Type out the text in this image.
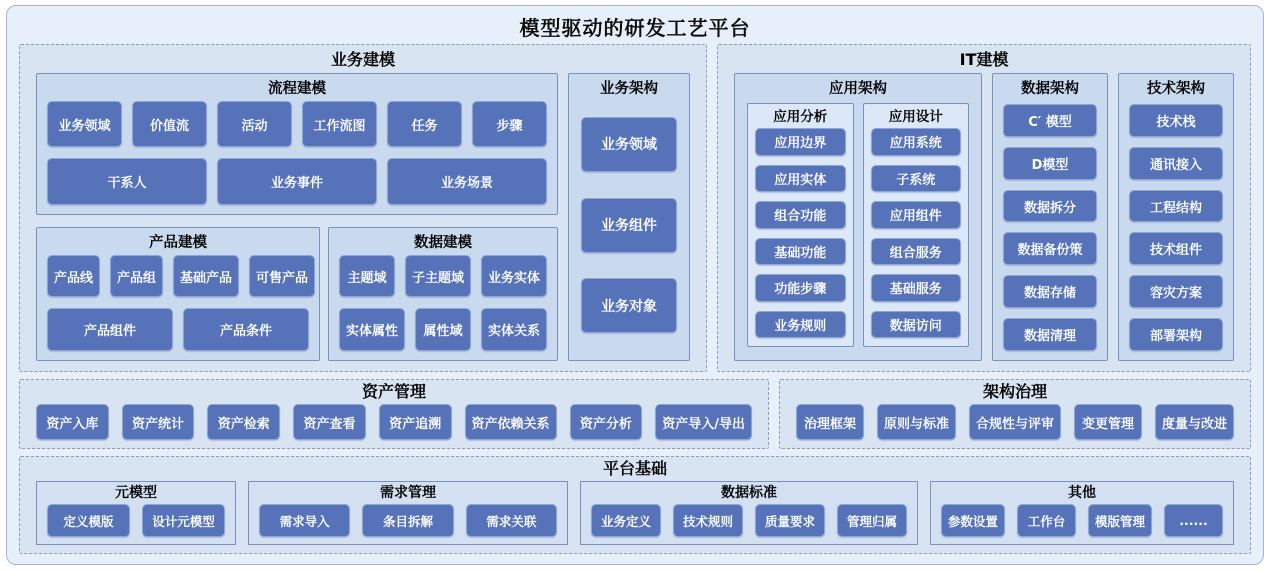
模型驱动的研发工艺平台
业务建模
流程建模
业务领域	价值流	活动	工作流图	任务	步骤
干系人	业务事件	业务场景
产品建模
产品线	产品组	基础产品	可售产品
产品组件	产品条件
数据建模
主题域	子主题域	业务实体
实体属性	属性域	实体关系
业务架构
业务领域
业务组件
业务对象
IT建模
应用架构
应用分析
应用边界
应用实体
组合功能
基础功能
功能步骤
业务规则
应用设计
应用系统
子系统
应用组件
组合服务
基础服务
数据访问
数据架构
C′ 模型
D模型
数据拆分
数据备份策
数据存储
数据清理
技术架构
技术栈
通讯接入
工程结构
技术组件
容灾方案
部署架构
资产管理
资产入库	资产统计	资产检索	资产查看	资产追溯	资产依赖关系	资产分析	资产导入/导出
架构治理
治理框架	原则与标准	合规性与评审	变更管理	度量与改进
平台基础
元模型
定义模版	设计元模型
需求管理
需求导入	条目拆解	需求关联
数据标准
业务定义	技术规则	质量要求	管理归属
其他
参数设置	工作台	模版管理	......
